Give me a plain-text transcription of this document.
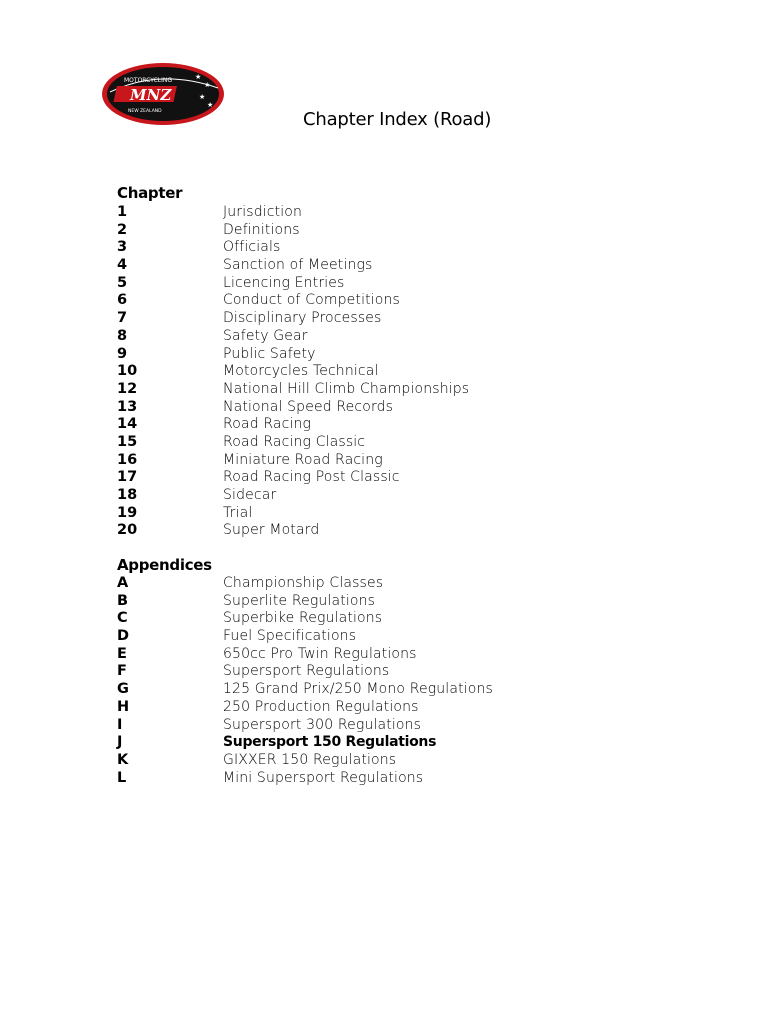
MOTORCYCLING
MNZ
NEW ZEALAND
★
★
★
★
Chapter Index (Road)
Chapter
1	Jurisdiction
2	Definitions
3	Officials
4	Sanction of Meetings
5	Licencing Entries
6	Conduct of Competitions
7	Disciplinary Processes
8	Safety Gear
9	Public Safety
10	Motorcycles Technical
12	National Hill Climb Championships
13	National Speed Records
14	Road Racing
15	Road Racing Classic
16	Miniature Road Racing
17	Road Racing Post Classic
18	Sidecar
19	Trial
20	Super Motard
Appendices
A	Championship Classes
B	Superlite Regulations
C	Superbike Regulations
D	Fuel Specifications
E	650cc Pro Twin Regulations
F	Supersport Regulations
G	125 Grand Prix/250 Mono Regulations
H	250 Production Regulations
I	Supersport 300 Regulations
J	Supersport 150 Regulations
K	GIXXER 150 Regulations
L	Mini Supersport Regulations
